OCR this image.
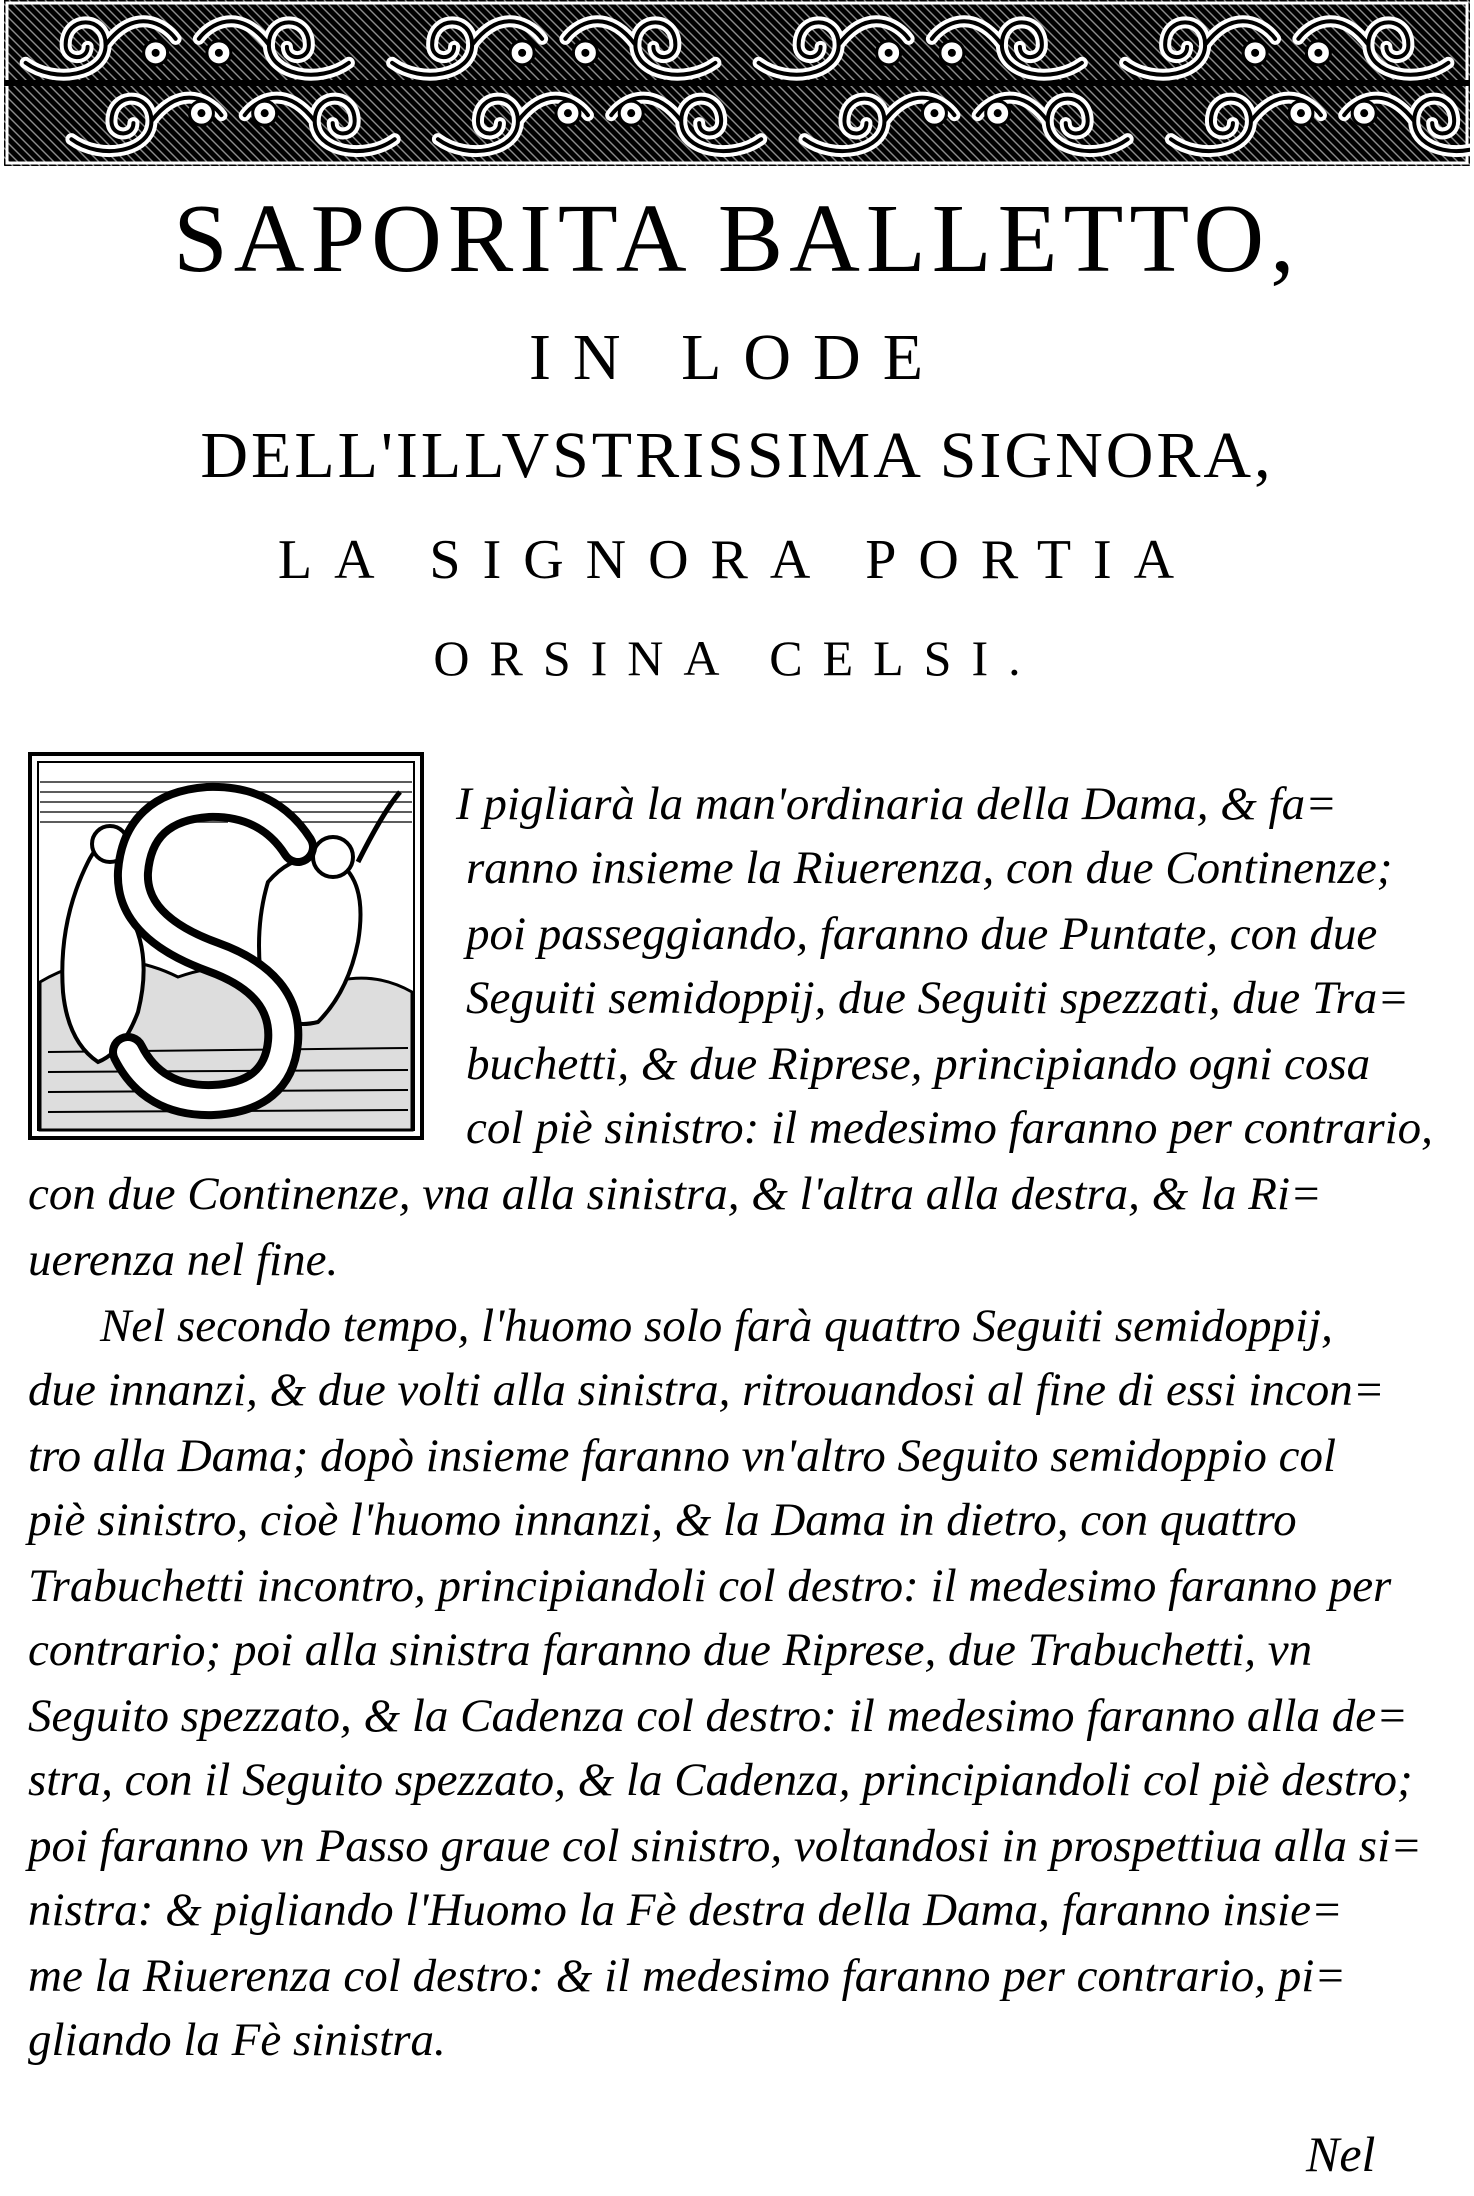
SAPORITA BALLETTO,
IN LODE
DELL'ILLVSTRISSIMA SIGNORA,
LA SIGNORA PORTIA
ORSINA CELSI.
I pigliarà la man'ordinaria della Dama, & fa=
ranno insieme la Riuerenza, con due Continenze;
poi passeggiando, faranno due Puntate, con due
Seguiti semidoppij, due Seguiti spezzati, due Tra=
buchetti, & due Riprese, principiando ogni cosa
col piè sinistro: il medesimo faranno per contrario,
con due Continenze, vna alla sinistra, & l'altra alla destra, & la Ri=
uerenza nel fine.
Nel secondo tempo, l'huomo solo farà quattro Seguiti semidoppij,
due innanzi, & due volti alla sinistra, ritrouandosi al fine di essi incon=
tro alla Dama; dopò insieme faranno vn'altro Seguito semidoppio col
piè sinistro, cioè l'huomo innanzi, & la Dama in dietro, con quattro
Trabuchetti incontro, principiandoli col destro: il medesimo faranno per
contrario; poi alla sinistra faranno due Riprese, due Trabuchetti, vn
Seguito spezzato, & la Cadenza col destro: il medesimo faranno alla de=
stra, con il Seguito spezzato, & la Cadenza, principiandoli col piè destro;
poi faranno vn Passo graue col sinistro, voltandosi in prospettiua alla si=
nistra: & pigliando l'Huomo la Fè destra della Dama, faranno insie=
me la Riuerenza col destro: & il medesimo faranno per contrario, pi=
gliando la Fè sinistra.
Nel
